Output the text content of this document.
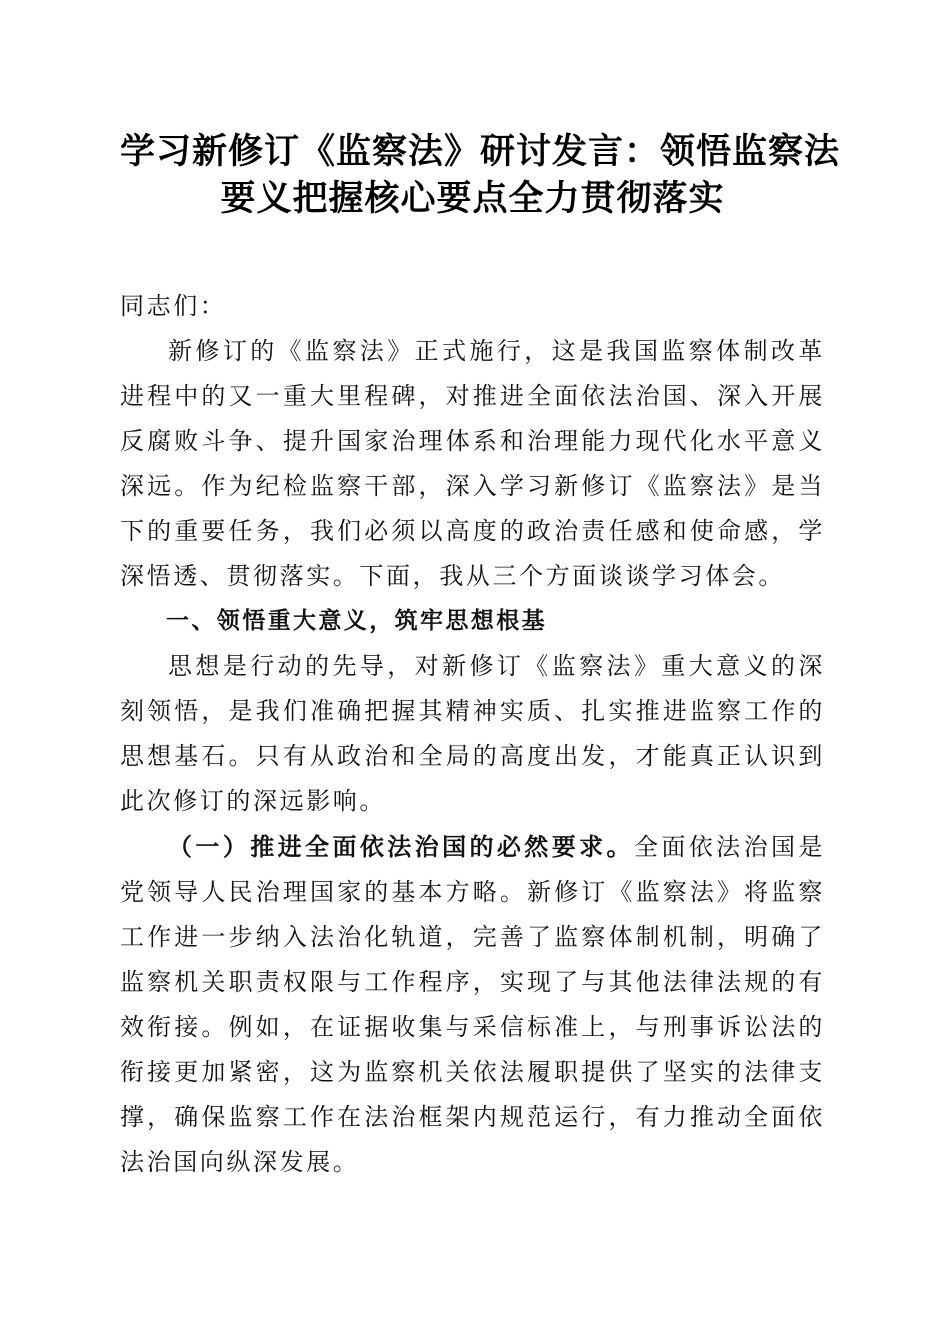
学习新修订《监察法》研讨发言：领悟监察法
要义把握核心要点全力贯彻落实

同志们：

新修订的《监察法》正式施行，这是我国监察体制改革进程中的又一重大里程碑，对推进全面依法治国、深入开展反腐败斗争、提升国家治理体系和治理能力现代化水平意义深远。作为纪检监察干部，深入学习新修订《监察法》是当下的重要任务，我们必须以高度的政治责任感和使命感，学深悟透、贯彻落实。下面，我从三个方面谈谈学习体会。

一、领悟重大意义，筑牢思想根基

思想是行动的先导，对新修订《监察法》重大意义的深刻领悟，是我们准确把握其精神实质、扎实推进监察工作的思想基石。只有从政治和全局的高度出发，才能真正认识到此次修订的深远影响。

（一）推进全面依法治国的必然要求。全面依法治国是党领导人民治理国家的基本方略。新修订《监察法》将监察工作进一步纳入法治化轨道，完善了监察体制机制，明确了监察机关职责权限与工作程序，实现了与其他法律法规的有效衔接。例如，在证据收集与采信标准上，与刑事诉讼法的衔接更加紧密，这为监察机关依法履职提供了坚实的法律支撑，确保监察工作在法治框架内规范运行，有力推动全面依法治国向纵深发展。
